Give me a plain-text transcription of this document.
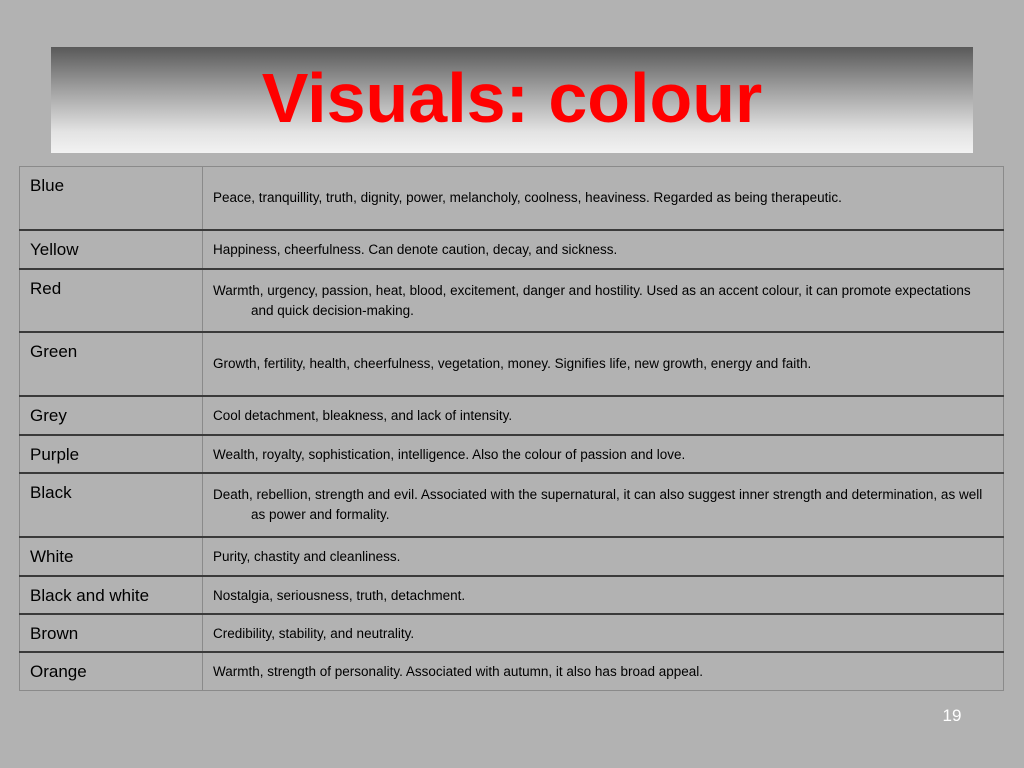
Visuals: colour
Blue	Peace, tranquillity, truth, dignity, power, melancholy, coolness, heaviness. Regarded as being therapeutic.

Yellow	Happiness, cheerfulness. Can denote caution, decay, and sickness.

Red	Warmth, urgency, passion, heat, blood, excitement, danger and hostility. Used as an accent colour, it can promote expectations and quick decision-making.

Green	Growth, fertility, health, cheerfulness, vegetation, money. Signifies life, new growth, energy and faith.

Grey	Cool detachment, bleakness, and lack of intensity.

Purple	Wealth, royalty, sophistication, intelligence. Also the colour of passion and love.

Black	Death, rebellion, strength and evil. Associated with the supernatural, it can also suggest inner strength and determination, as well as power and formality.

White	Purity, chastity and cleanliness.

Black and white	Nostalgia, seriousness, truth, detachment.

Brown	Credibility, stability, and neutrality.

Orange	Warmth, strength of personality. Associated with autumn, it also has broad appeal.
19
